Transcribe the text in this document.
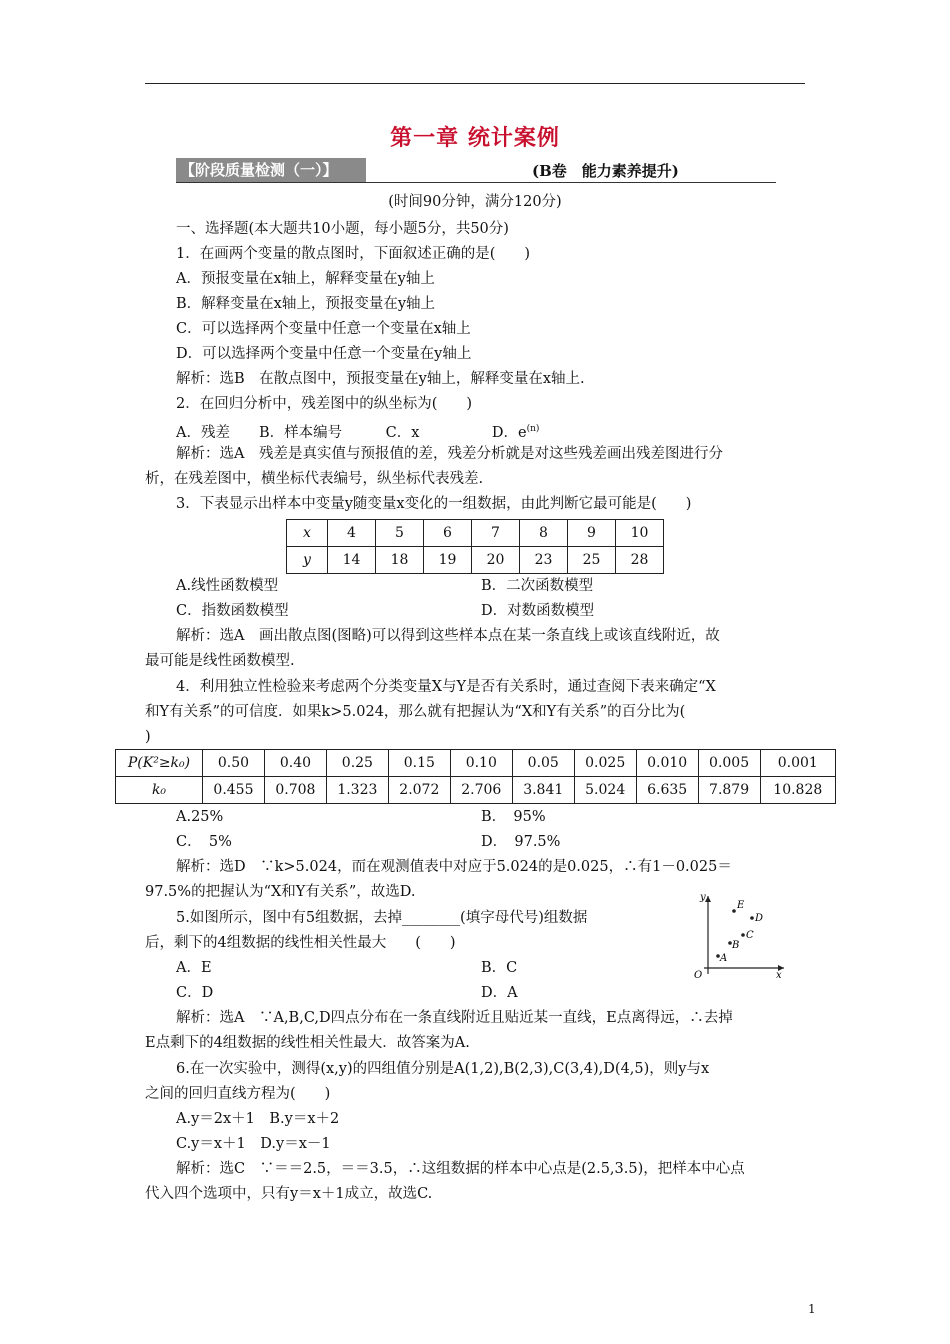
第一章 统计案例
【阶段质量检测（一）】	(B卷　能力素养提升)
(时间90分钟，满分120分)
一、选择题(本大题共10小题，每小题5分，共50分)
1．在画两个变量的散点图时，下面叙述正确的是(　　)
A．预报变量在x轴上，解释变量在y轴上
B．解释变量在x轴上，预报变量在y轴上
C．可以选择两个变量中任意一个变量在x轴上
D．可以选择两个变量中任意一个变量在y轴上
解析：选B　在散点图中，预报变量在y轴上，解释变量在x轴上.
2．在回归分析中，残差图中的纵坐标为(　　)
A．残差　　B．样本编号　　　C．x　　　　　D．$e^{(n)}$
解析：选A　残差是真实值与预报值的差，残差分析就是对这些残差画出残差图进行分
析，在残差图中，横坐标代表编号，纵坐标代表残差.
3．下表显示出样本中变量y随变量x变化的一组数据，由此判断它最可能是(　　)
x	4	5	6	7	8	9	10
y	14	18	19	20	23	25	28
A.线性函数模型	B．二次函数模型
C．指数函数模型	D．对数函数模型
解析：选A　画出散点图(图略)可以得到这些样本点在某一条直线上或该直线附近，故
最可能是线性函数模型.
4．利用独立性检验来考虑两个分类变量X与Y是否有关系时，通过查阅下表来确定“X
和Y有关系”的可信度．如果k>5.024，那么就有把握认为“X和Y有关系”的百分比为(
)
P(K²≥k₀)	0.50	0.40	0.25	0.15	0.10	0.05	0.025	0.010	0.005	0.001
k₀	0.455	0.708	1.323	2.072	2.706	3.841	5.024	6.635	7.879	10.828
A.25%	B．　95%
C．　5%	D．　97.5%
解析：选D　∵k>5.024，而在观测值表中对应于5.024的是0.025，∴有1－0.025＝
97.5%的把握认为“X和Y有关系”，故选D.
5.如图所示，图中有5组数据，去掉________(填字母代号)组数据
后，剩下的4组数据的线性相关性最大　　(　　)
A．E	B．C
C．D	D．A
y
x
O
A
B
C
D
E
解析：选A　∵A,B,C,D四点分布在一条直线附近且贴近某一直线，E点离得远，∴去掉
E点剩下的4组数据的线性相关性最大．故答案为A.
6.在一次实验中，测得(x,y)的四组值分别是A(1,2),B(2,3),C(3,4),D(4,5)，则y与x
之间的回归直线方程为(　　)
A.y＝2x＋1　B.y＝x＋2
C.y＝x＋1　D.y＝x－1
解析：选C　∵＝＝2.5，＝＝3.5，∴这组数据的样本中心点是(2.5,3.5)，把样本中心点
代入四个选项中，只有y＝x＋1成立，故选C.
1
